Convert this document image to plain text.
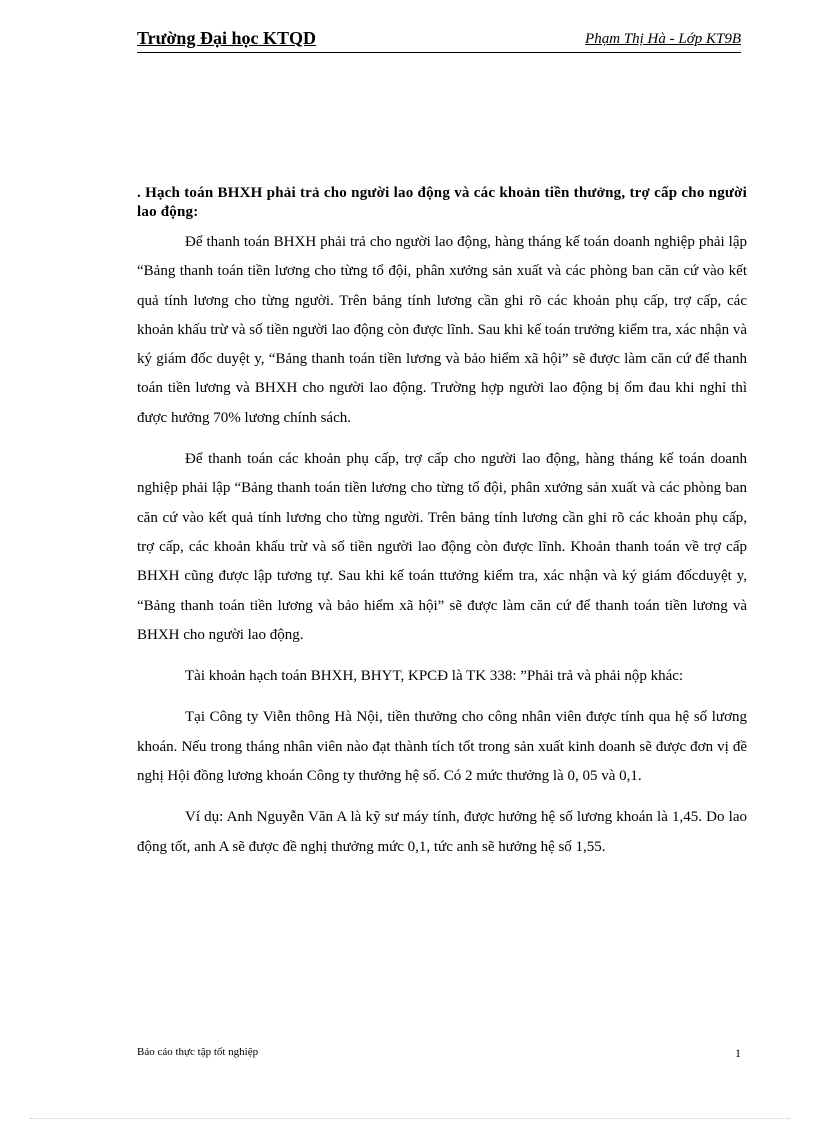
Trường Đại học KTQD	Phạm Thị Hà - Lớp KT9B

. Hạch toán BHXH phải trả cho người lao động và các khoản tiền thưởng, trợ cấp cho người lao động:

Để thanh toán BHXH phải trả cho người lao động, hàng tháng kế toán doanh nghiệp phải lập “Bảng thanh toán tiền lương cho từng tổ đội, phân xưởng sản xuất và các phòng ban căn cứ vào kết quả tính lương cho từng người. Trên bảng tính lương cần ghi rõ các khoản phụ cấp, trợ cấp, các khoản khấu trừ và số tiền người lao động còn được lĩnh. Sau khi kế toán trưởng kiểm tra, xác nhận và ký giám đốc duyệt y, “Bảng thanh toán tiền lương và bảo hiểm xã hội” sẽ được làm căn cứ để thanh toán tiền lương và BHXH cho người lao động. Trường hợp người lao động bị ốm đau khi nghỉ thì được hưởng 70% lương chính sách.

Để thanh toán các khoản phụ cấp, trợ cấp cho người lao động, hàng tháng kế toán doanh nghiệp phải lập “Bảng thanh toán tiền lương cho từng tổ đội, phân xưởng sản xuất và các phòng ban căn cứ vào kết quả tính lương cho từng người. Trên bảng tính lương cần ghi rõ các khoản phụ cấp, trợ cấp, các khoản khấu trừ và số tiền người lao động còn được lĩnh. Khoản thanh toán về trợ cấp BHXH cũng được lập tương tự. Sau khi kế toán ttưởng kiểm tra, xác nhận và ký giám đốcduyệt y, “Bảng thanh toán tiền lương và bảo hiểm xã hội” sẽ được làm căn cứ để thanh toán tiền lương và BHXH cho người lao động.

Tài khoản hạch toán BHXH, BHYT, KPCĐ là TK 338: ”Phải trả và phải nộp khác:

Tại Công ty Viễn thông Hà Nội, tiền thưởng cho công nhân viên được tính qua hệ số lương khoán. Nếu trong tháng nhân viên nào đạt thành tích tốt trong sản xuất kinh doanh sẽ được đơn vị đề nghị Hội đồng lương khoán Công ty thưởng hệ số. Có 2 mức thưởng là 0, 05 và 0,1.

Ví dụ: Anh Nguyễn Văn A là kỹ sư máy tính, được hưởng hệ số lương khoán là 1,45. Do lao động tốt, anh A sẽ được đề nghị thưởng mức 0,1, tức anh sẽ hưởng hệ số 1,55.

Báo cáo thực tập tốt nghiệp	1
